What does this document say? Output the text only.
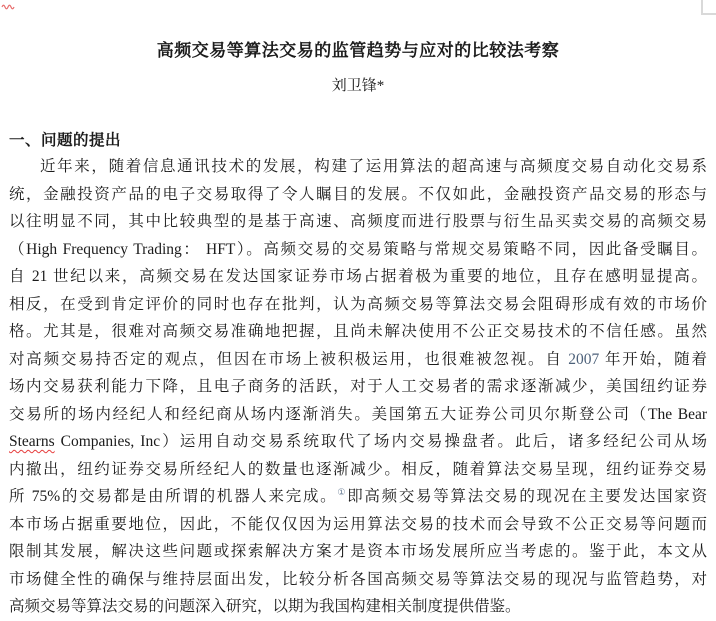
高频交易等算法交易的监管趋势与应对的比较法考察
刘卫锋*
一、问题的提出
近年来，随着信息通讯技术的发展，构建了运用算法的超高速与高频度交易自动化交易系
统，金融投资产品的电子交易取得了令人瞩目的发展。不仅如此，金融投资产品交易的形态与
以往明显不同，其中比较典型的是基于高速、高频度而进行股票与衍生品买卖交易的高频交易
（High Frequency Trading： HFT）。高频交易的交易策略与常规交易策略不同，因此备受瞩目。
自 21 世纪以来，高频交易在发达国家证券市场占据着极为重要的地位，且存在感明显提高。
相反，在受到肯定评价的同时也存在批判，认为高频交易等算法交易会阻碍形成有效的市场价
格。尤其是，很难对高频交易准确地把握，且尚未解决使用不公正交易技术的不信任感。虽然
对高频交易持否定的观点，但因在市场上被积极运用，也很难被忽视。自 2007 年开始，随着
场内交易获利能力下降，且电子商务的活跃，对于人工交易者的需求逐渐减少，美国纽约证券
交易所的场内经纪人和经纪商从场内逐渐消失。美国第五大证券公司贝尔斯登公司（The Bear
Stearns Companies, Inc）运用自动交易系统取代了场内交易操盘者。此后，诸多经纪公司从场
内撤出，纽约证券交易所经纪人的数量也逐渐减少。相反，随着算法交易呈现，纽约证券交易
所 75%的交易都是由所谓的机器人来完成。①即高频交易等算法交易的现况在主要发达国家资
本市场占据重要地位，因此，不能仅仅因为运用算法交易的技术而会导致不公正交易等问题而
限制其发展，解决这些问题或探索解决方案才是资本市场发展所应当考虑的。鉴于此，本文从
市场健全性的确保与维持层面出发，比较分析各国高频交易等算法交易的现况与监管趋势，对
高频交易等算法交易的问题深入研究，以期为我国构建相关制度提供借鉴。
